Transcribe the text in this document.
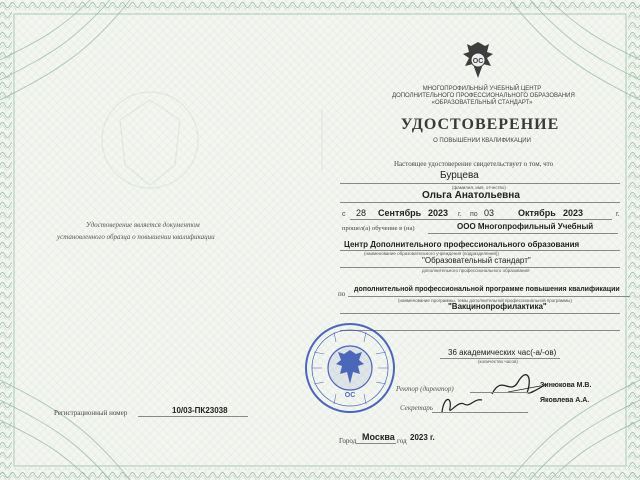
ОС
МНОГОПРОФИЛЬНЫЙ УЧЕБНЫЙ ЦЕНТР
ДОПОЛНИТЕЛЬНОГО ПРОФЕССИОНАЛЬНОГО ОБРАЗОВАНИЯ
«ОБРАЗОВАТЕЛЬНЫЙ СТАНДАРТ»
УДОСТОВЕРЕНИЕ
О ПОВЫШЕНИИ КВАЛИФИКАЦИИ
Настоящее удостоверение свидетельствует о том, что
Бурцева
(фамилия, имя, отчество)
Ольга Анатольевна
с 28 Сентябрь 2023 г. по 03	Октябрь 2023	г.
прошел(а) обучение в (на)	ООО Многопрофильный Учебный
Центр Дополнительного профессионального образования
(наименование образовательного учреждения (подразделения))
"Образовательный стандарт"
дополнительного профессионального образования
по
дополнительной профессиональной программе повышения квалификации
(наименование программы, темы дополнительной профессиональной программы)
"Вакцинопрофилактика"
36 академических час(-а/-ов)
(количество часов)
Ректор (директор)	Зинюкова М.В.
Секретарь
Яковлева А.А.
ОС
Удостоверение является документом
установленного образца о повышении квалификации
Регистрационный номер	10/03-ПК23038
Город Москва год 2023 г.
